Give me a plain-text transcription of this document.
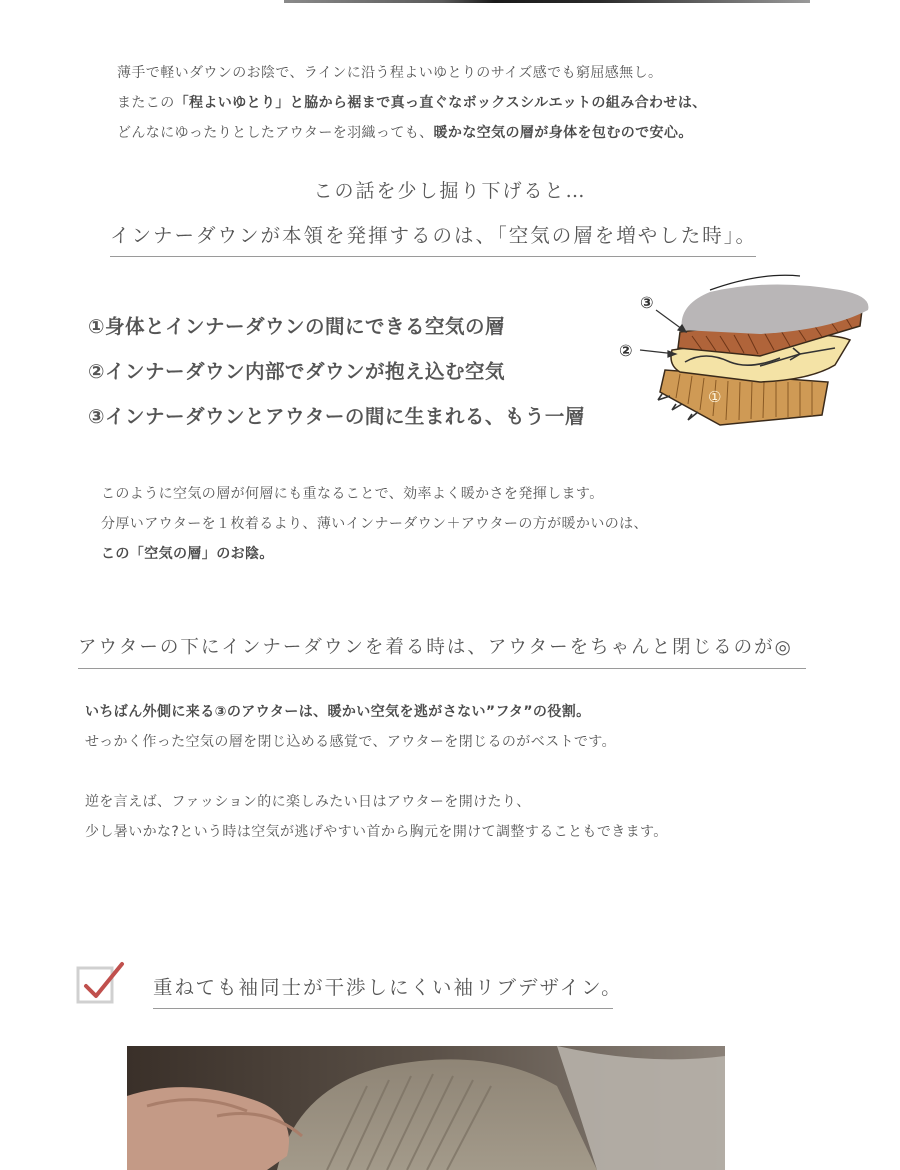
薄手で軽いダウンのお陰で、ラインに沿う程よいゆとりのサイズ感でも窮屈感無し。
またこの「程よいゆとり」と脇から裾まで真っ直ぐなボックスシルエットの組み合わせは、
どんなにゆったりとしたアウターを羽織っても、暖かな空気の層が身体を包むので安心。
この話を少し掘り下げると…
インナーダウンが本領を発揮するのは、「空気の層を増やした時」。
①身体とインナーダウンの間にできる空気の層
②インナーダウン内部でダウンが抱え込む空気
③インナーダウンとアウターの間に生まれる、もう一層
③
②
①
このように空気の層が何層にも重なることで、効率よく暖かさを発揮します。
分厚いアウターを１枚着るより、薄いインナーダウン＋アウターの方が暖かいのは、
この「空気の層」のお陰。
アウターの下にインナーダウンを着る時は、アウターをちゃんと閉じるのが◎
いちばん外側に来る③のアウターは、暖かい空気を逃がさない”フタ”の役割。
せっかく作った空気の層を閉じ込める感覚で、アウターを閉じるのがベストです。
逆を言えば、ファッション的に楽しみたい日はアウターを開けたり、
少し暑いかな?という時は空気が逃げやすい首から胸元を開けて調整することもできます。
重ねても袖同士が干渉しにくい袖リブデザイン。
